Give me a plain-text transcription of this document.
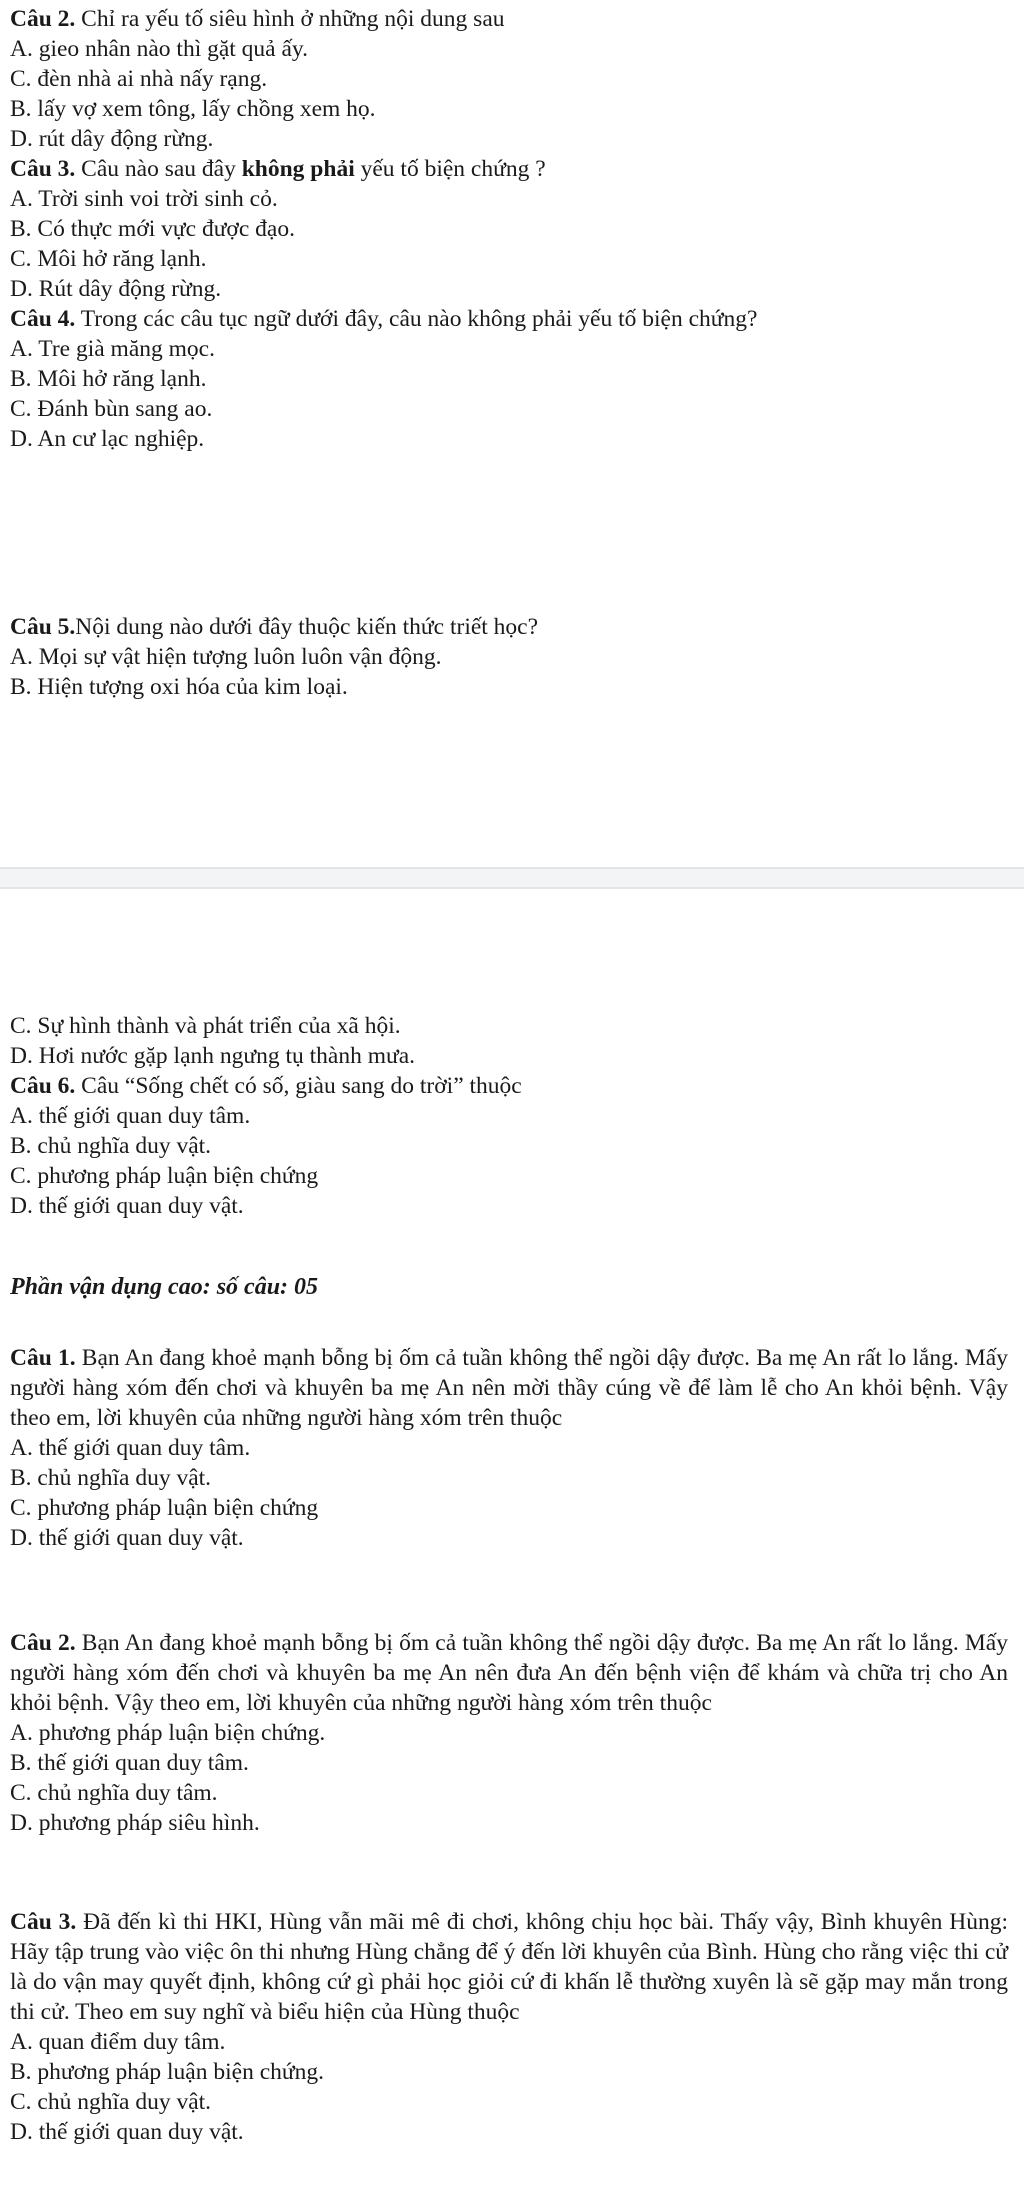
Câu 2. Chỉ ra yếu tố siêu hình ở những nội dung sau

A. gieo nhân nào thì gặt quả ấy.

C. đèn nhà ai nhà nấy rạng.

B. lấy vợ xem tông, lấy chồng xem họ.

D. rút dây động rừng.

Câu 3. Câu nào sau đây không phải yếu tố biện chứng ?

A. Trời sinh voi trời sinh cỏ.

B. Có thực mới vực được đạo.

C. Môi hở răng lạnh.

D. Rút dây động rừng.

Câu 4. Trong các câu tục ngữ dưới đây, câu nào không phải yếu tố biện chứng?

A. Tre già măng mọc.

B. Môi hở răng lạnh.

C. Đánh bùn sang ao.

D. An cư lạc nghiệp.

Câu 5.Nội dung nào dưới đây thuộc kiến thức triết học?

A. Mọi sự vật hiện tượng luôn luôn vận động.

B. Hiện tượng oxi hóa của kim loại.

C. Sự hình thành và phát triển của xã hội.

D. Hơi nước gặp lạnh ngưng tụ thành mưa.

Câu 6. Câu “Sống chết có số, giàu sang do trời” thuộc

A. thế giới quan duy tâm.

B. chủ nghĩa duy vật.

C. phương pháp luận biện chứng

D. thế giới quan duy vật.

Phần vận dụng cao: số câu: 05

Câu 1. Bạn An đang khoẻ mạnh bỗng bị ốm cả tuần không thể ngồi dậy được. Ba mẹ An rất lo lắng. Mấy người hàng xóm đến chơi và khuyên ba mẹ An nên mời thầy cúng về để làm lễ cho An khỏi bệnh. Vậy theo em, lời khuyên của những người hàng xóm trên thuộc

A. thế giới quan duy tâm.

B. chủ nghĩa duy vật.

C. phương pháp luận biện chứng

D. thế giới quan duy vật.

Câu 2. Bạn An đang khoẻ mạnh bỗng bị ốm cả tuần không thể ngồi dậy được. Ba mẹ An rất lo lắng. Mấy người hàng xóm đến chơi và khuyên ba mẹ An nên đưa An đến bệnh viện để khám và chữa trị cho An khỏi bệnh. Vậy theo em, lời khuyên của những người hàng xóm trên thuộc

A. phương pháp luận biện chứng.

B. thế giới quan duy tâm.

C. chủ nghĩa duy tâm.

D. phương pháp siêu hình.

Câu 3. Đã đến kì thi HKI, Hùng vẫn mãi mê đi chơi, không chịu học bài. Thấy vậy, Bình khuyên Hùng: Hãy tập trung vào việc ôn thi nhưng Hùng chẳng để ý đến lời khuyên của Bình. Hùng cho rằng việc thi cử là do vận may quyết định, không cứ gì phải học giỏi cứ đi khấn lễ thường xuyên là sẽ gặp may mắn trong thi cử. Theo em suy nghĩ và biểu hiện của Hùng thuộc

A. quan điểm duy tâm.

B. phương pháp luận biện chứng.

C. chủ nghĩa duy vật.

D. thế giới quan duy vật.
